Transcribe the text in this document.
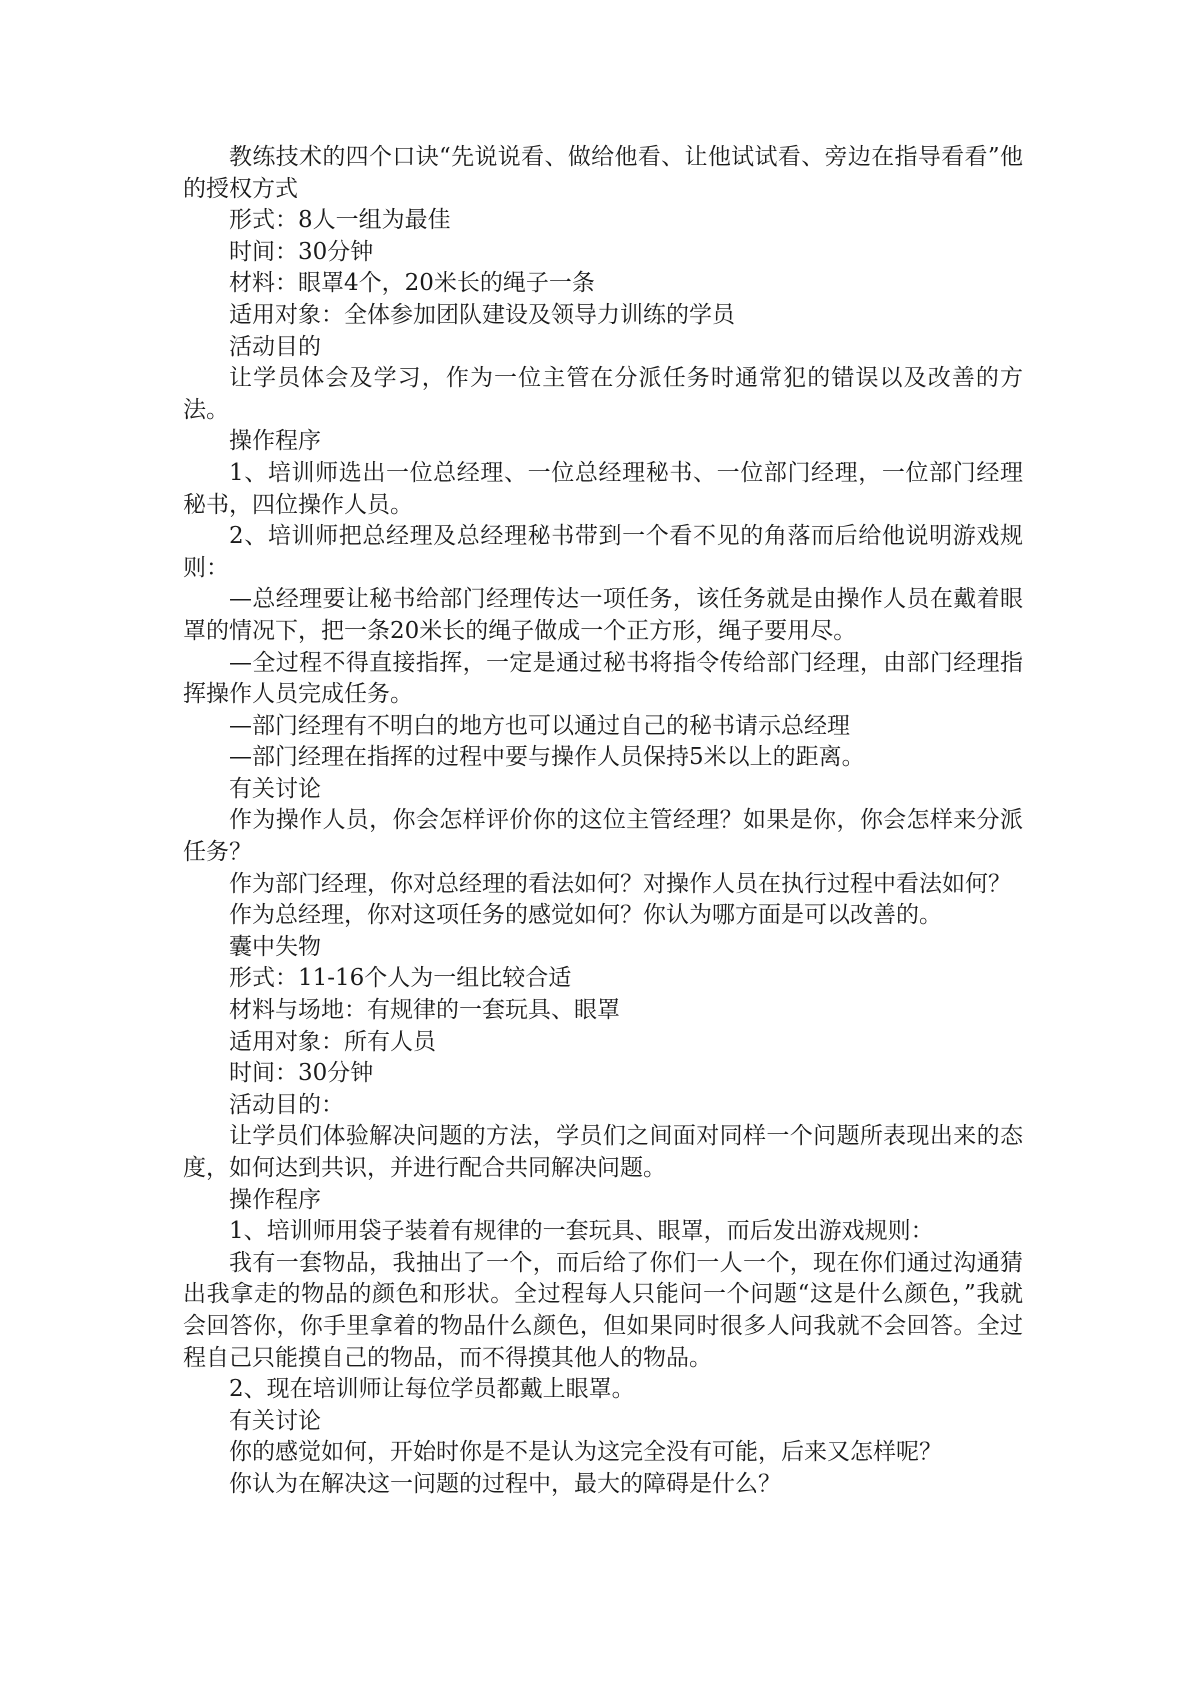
教练技术的四个口诀“先说说看、做给他看、让他试试看、旁边在指导看看”他的授权方式

形式：8人一组为最佳

时间：30分钟

材料：眼罩4个，20米长的绳子一条

适用对象：全体参加团队建设及领导力训练的学员

活动目的

让学员体会及学习，作为一位主管在分派任务时通常犯的错误以及改善的方法。

操作程序

1、培训师选出一位总经理、一位总经理秘书、一位部门经理，一位部门经理秘书，四位操作人员。

2、培训师把总经理及总经理秘书带到一个看不见的角落而后给他说明游戏规则：

—总经理要让秘书给部门经理传达一项任务，该任务就是由操作人员在戴着眼罩的情况下，把一条20米长的绳子做成一个正方形，绳子要用尽。

—全过程不得直接指挥，一定是通过秘书将指令传给部门经理，由部门经理指挥操作人员完成任务。

—部门经理有不明白的地方也可以通过自己的秘书请示总经理

—部门经理在指挥的过程中要与操作人员保持5米以上的距离。

有关讨论

作为操作人员，你会怎样评价你的这位主管经理？如果是你，你会怎样来分派任务？

作为部门经理，你对总经理的看法如何？对操作人员在执行过程中看法如何？

作为总经理，你对这项任务的感觉如何？你认为哪方面是可以改善的。

囊中失物

形式：11-16个人为一组比较合适

材料与场地：有规律的一套玩具、眼罩

适用对象：所有人员

时间：30分钟

活动目的：

让学员们体验解决问题的方法，学员们之间面对同样一个问题所表现出来的态度，如何达到共识，并进行配合共同解决问题。

操作程序

1、培训师用袋子装着有规律的一套玩具、眼罩，而后发出游戏规则：

我有一套物品，我抽出了一个，而后给了你们一人一个，现在你们通过沟通猜出我拿走的物品的颜色和形状。全过程每人只能问一个问题“这是什么颜色，”我就会回答你，你手里拿着的物品什么颜色，但如果同时很多人问我就不会回答。全过程自己只能摸自己的物品，而不得摸其他人的物品。

2、现在培训师让每位学员都戴上眼罩。

有关讨论

你的感觉如何，开始时你是不是认为这完全没有可能，后来又怎样呢？

你认为在解决这一问题的过程中，最大的障碍是什么？
